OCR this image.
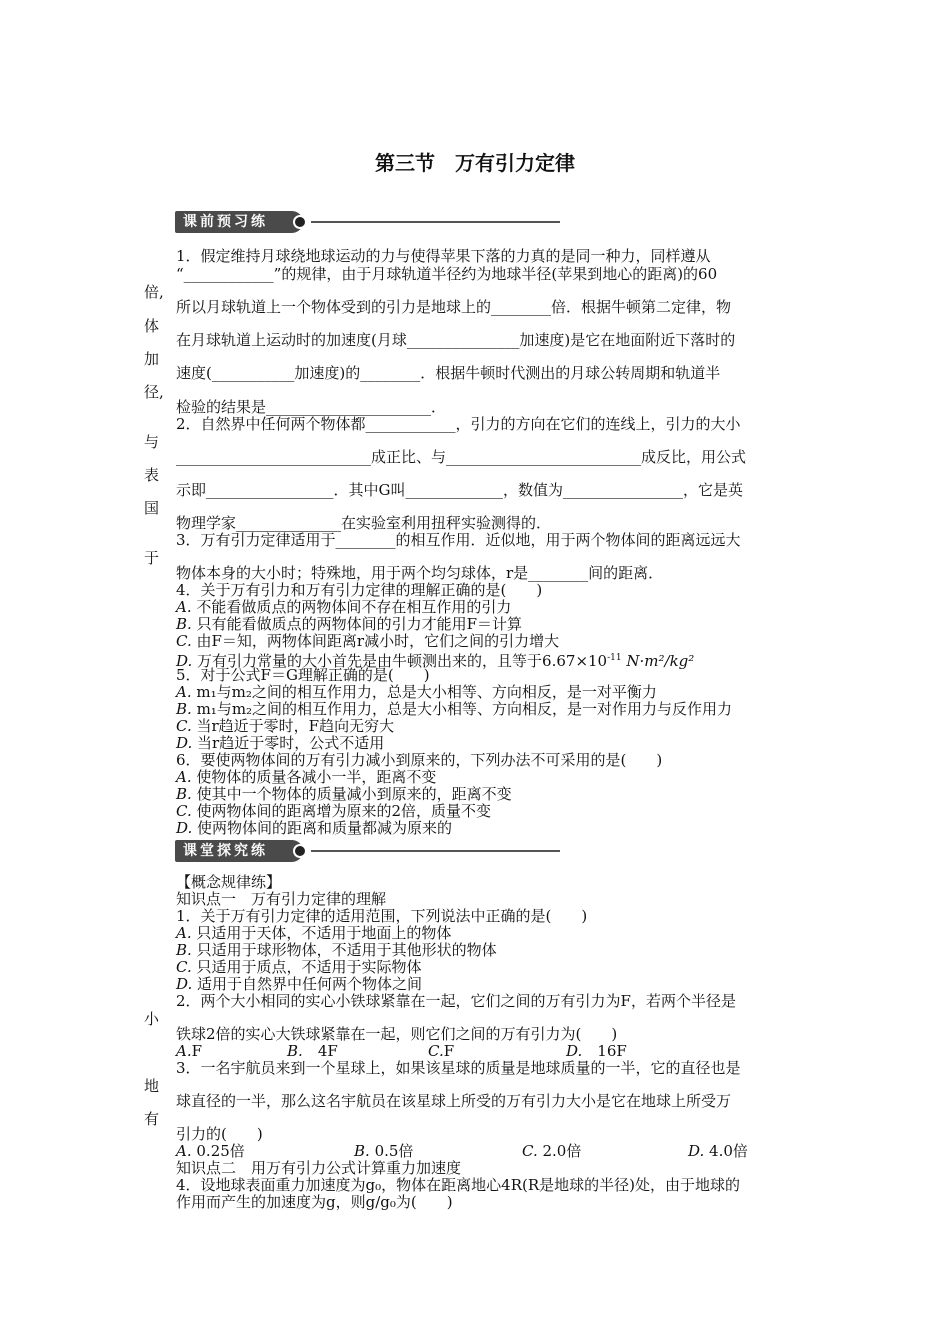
第三节　万有引力定律
课前预习练
倍,
体
加
径,
与
表
国
于
小
地
有
1．假定维持月球绕地球运动的力与使得苹果下落的力真的是同一种力，同样遵从
“____________”的规律，由于月球轨道半径约为地球半径(苹果到地心的距离)的60
所以月球轨道上一个物体受到的引力是地球上的________倍．根据牛顿第二定律，物
在月球轨道上运动时的加速度(月球_______________加速度)是它在地面附近下落时的
速度(___________加速度)的________．根据牛顿时代测出的月球公转周期和轨道半
检验的结果是______________________．
2．自然界中任何两个物体都____________，引力的方向在它们的连线上，引力的大小
__________________________成正比、与__________________________成反比，用公式
示即_________________．其中G叫_____________，数值为________________，它是英
物理学家______________在实验室利用扭秤实验测得的．
3．万有引力定律适用于________的相互作用．近似地，用于两个物体间的距离远远大
物体本身的大小时；特殊地，用于两个均匀球体，r是________间的距离．
4．关于万有引力和万有引力定律的理解正确的是(　　)
A. 不能看做质点的两物体间不存在相互作用的引力
B. 只有能看做质点的两物体间的引力才能用F＝计算
C. 由F＝知，两物体间距离r减小时，它们之间的引力增大
D. 万有引力常量的大小首先是由牛顿测出来的，且等于$6.67\times 10^{-11}$ N·m²/kg²
5．对于公式F＝G理解正确的是(　　)
A. m₁与m₂之间的相互作用力，总是大小相等、方向相反，是一对平衡力
B. m₁与m₂之间的相互作用力，总是大小相等、方向相反，是一对作用力与反作用力
C. 当r趋近于零时，F趋向无穷大
D. 当r趋近于零时，公式不适用
6．要使两物体间的万有引力减小到原来的，下列办法不可采用的是(　　)
A. 使物体的质量各减小一半，距离不变
B. 使其中一个物体的质量减小到原来的，距离不变
C. 使两物体间的距离增为原来的2倍，质量不变
D. 使两物体间的距离和质量都减为原来的
课堂探究练
【概念规律练】
知识点一　万有引力定律的理解
1．关于万有引力定律的适用范围，下列说法中正确的是(　　)
A. 只适用于天体，不适用于地面上的物体
B. 只适用于球形物体，不适用于其他形状的物体
C. 只适用于质点，不适用于实际物体
D. 适用于自然界中任何两个物体之间
2．两个大小相同的实心小铁球紧靠在一起，它们之间的万有引力为F，若两个半径是
铁球2倍的实心大铁球紧靠在一起，则它们之间的万有引力为(　　)
A.F	B.　 4F	C.F	D.　 16F
3．一名宇航员来到一个星球上，如果该星球的质量是地球质量的一半，它的直径也是
球直径的一半，那么这名宇航员在该星球上所受的万有引力大小是它在地球上所受万
引力的(　　)
A. 0.25倍	B. 0.5倍	C. 2.0倍	D. 4.0倍
知识点二　用万有引力公式计算重力加速度
4．设地球表面重力加速度为g₀，物体在距离地心4R(R是地球的半径)处，由于地球的
作用而产生的加速度为g，则g/g₀为(　　)
